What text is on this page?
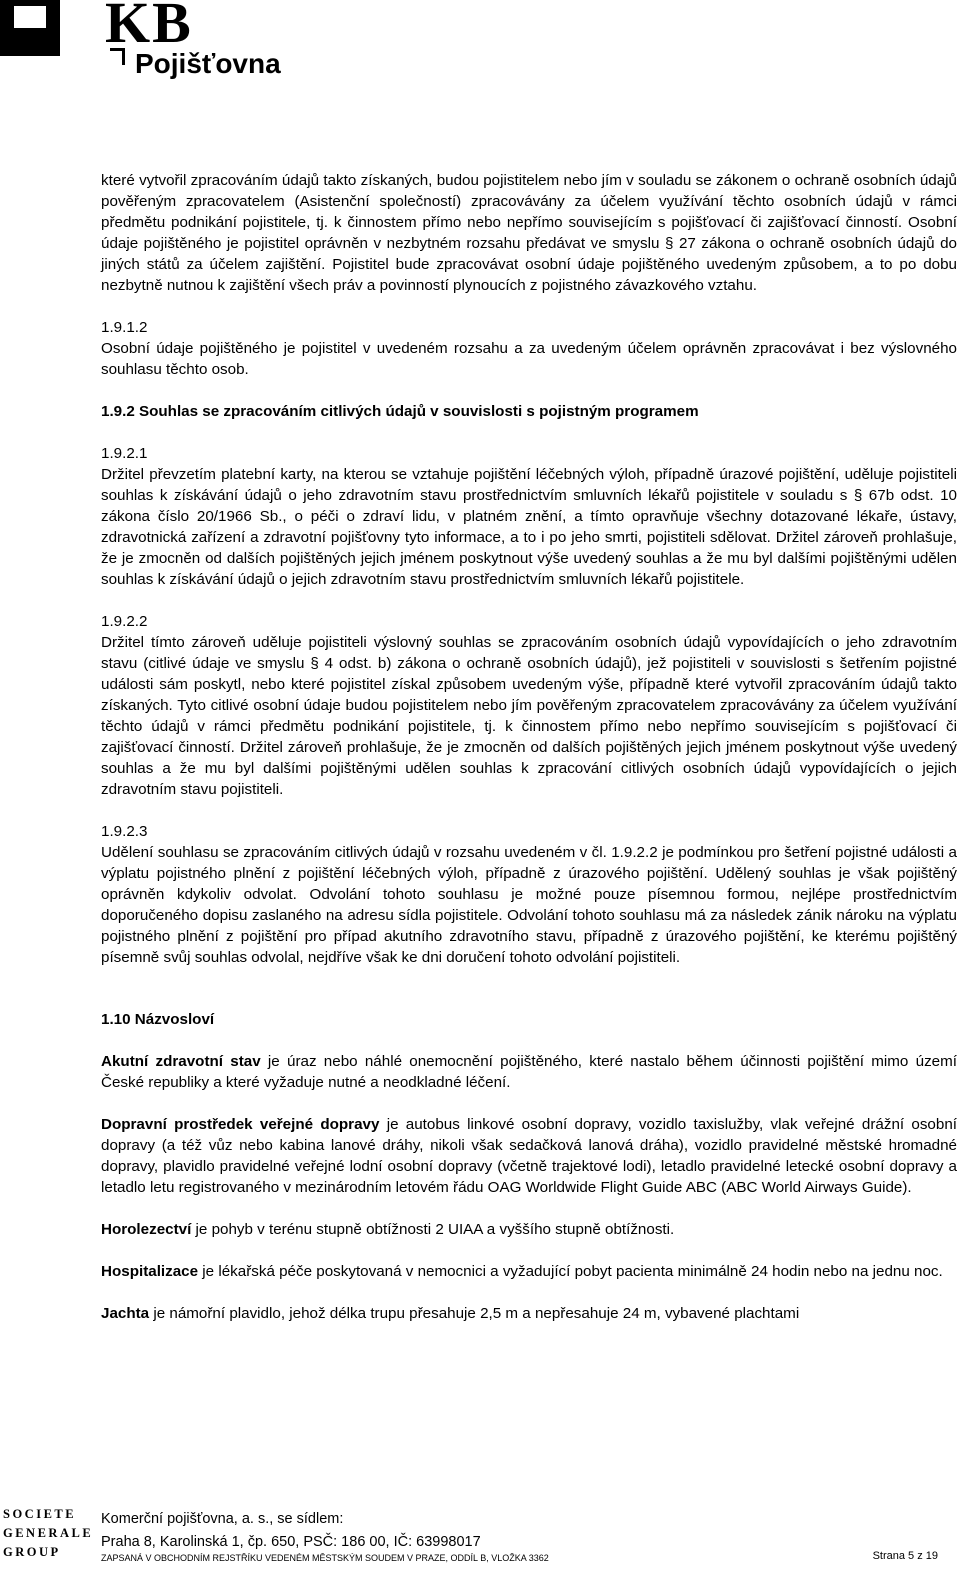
KB
Pojišťovna

které vytvořil zpracováním údajů takto získaných, budou pojistitelem nebo jím v souladu se zákonem o ochraně osobních údajů pověřeným zpracovatelem (Asistenční společností) zpracovávány za účelem využívání těchto osobních údajů v rámci předmětu podnikání pojistitele, tj. k činnostem přímo nebo nepřímo souvisejícím s pojišťovací či zajišťovací činností. Osobní údaje pojištěného je pojistitel oprávněn v nezbytném rozsahu předávat ve smyslu § 27 zákona o ochraně osobních údajů do jiných států za účelem zajištění. Pojistitel bude zpracovávat osobní údaje pojištěného uvedeným způsobem, a to po dobu nezbytně nutnou k zajištění všech práv a povinností plynoucích z pojistného závazkového vztahu.

1.9.1.2

Osobní údaje pojištěného je pojistitel v uvedeném rozsahu a za uvedeným účelem oprávněn zpracovávat i bez výslovného souhlasu těchto osob.

1.9.2 Souhlas se zpracováním citlivých údajů v souvislosti s pojistným programem

1.9.2.1

Držitel převzetím platební karty, na kterou se vztahuje pojištění léčebných výloh, případně úrazové pojištění, uděluje pojistiteli souhlas k získávání údajů o jeho zdravotním stavu prostřednictvím smluvních lékařů pojistitele v souladu s § 67b odst. 10 zákona číslo 20/1966 Sb., o péči o zdraví lidu, v platném znění, a tímto opravňuje všechny dotazované lékaře, ústavy, zdravotnická zařízení a zdravotní pojišťovny tyto informace, a to i po jeho smrti, pojistiteli sdělovat. Držitel zároveň prohlašuje, že je zmocněn od dalších pojištěných jejich jménem poskytnout výše uvedený souhlas a že mu byl dalšími pojištěnými udělen souhlas k získávání údajů o jejich zdravotním stavu prostřednictvím smluvních lékařů pojistitele.

1.9.2.2

Držitel tímto zároveň uděluje pojistiteli výslovný souhlas se zpracováním osobních údajů vypovídajících o jeho zdravotním stavu (citlivé údaje ve smyslu § 4 odst. b) zákona o ochraně osobních údajů), jež pojistiteli v souvislosti s šetřením pojistné události sám poskytl, nebo které pojistitel získal způsobem uvedeným výše, případně které vytvořil zpracováním údajů takto získaných. Tyto citlivé osobní údaje budou pojistitelem nebo jím pověřeným zpracovatelem zpracovávány za účelem využívání těchto údajů v rámci předmětu podnikání pojistitele, tj. k činnostem přímo nebo nepřímo souvisejícím s pojišťovací či zajišťovací činností. Držitel zároveň prohlašuje, že je zmocněn od dalších pojištěných jejich jménem poskytnout výše uvedený souhlas a že mu byl dalšími pojištěnými udělen souhlas k zpracování citlivých osobních údajů vypovídajících o jejich zdravotním stavu pojistiteli.

1.9.2.3

Udělení souhlasu se zpracováním citlivých údajů v rozsahu uvedeném v čl. 1.9.2.2 je podmínkou pro šetření pojistné události a výplatu pojistného plnění z pojištění léčebných výloh, případně z úrazového pojištění. Udělený souhlas je však pojištěný oprávněn kdykoliv odvolat. Odvolání tohoto souhlasu je možné pouze písemnou formou, nejlépe prostřednictvím doporučeného dopisu zaslaného na adresu sídla pojistitele. Odvolání tohoto souhlasu má za následek zánik nároku na výplatu pojistného plnění z pojištění pro případ akutního zdravotního stavu, případně z úrazového pojištění, ke kterému pojištěný písemně svůj souhlas odvolal, nejdříve však ke dni doručení tohoto odvolání pojistiteli.

1.10 Názvosloví

Akutní zdravotní stav je úraz nebo náhlé onemocnění pojištěného, které nastalo během účinnosti pojištění mimo území České republiky a které vyžaduje nutné a neodkladné léčení.

Dopravní prostředek veřejné dopravy je autobus linkové osobní dopravy, vozidlo taxislužby, vlak veřejné drážní osobní dopravy (a též vůz nebo kabina lanové dráhy, nikoli však sedačková lanová dráha), vozidlo pravidelné městské hromadné dopravy, plavidlo pravidelné veřejné lodní osobní dopravy (včetně trajektové lodi), letadlo pravidelné letecké osobní dopravy a letadlo letu registrovaného v mezinárodním letovém řádu OAG Worldwide Flight Guide ABC (ABC World Airways Guide).

Horolezectví je pohyb v terénu stupně obtížnosti 2 UIAA a vyššího stupně obtížnosti.

Hospitalizace je lékařská péče poskytovaná v nemocnici a vyžadující pobyt pacienta minimálně 24 hodin nebo na jednu noc.

Jachta je námořní plavidlo, jehož délka trupu přesahuje 2,5 m a nepřesahuje 24 m, vybavené plachtami

SOCIETE
GENERALE
GROUP
Komerční pojišťovna, a. s., se sídlem:
Praha 8, Karolinská 1, čp. 650, PSČ: 186 00, IČ: 63998017
ZAPSANÁ V OBCHODNÍM REJSTŘÍKU VEDENÉM MĚSTSKÝM SOUDEM V PRAZE, ODDÍL B, VLOŽKA 3362	Strana 5 z 19
